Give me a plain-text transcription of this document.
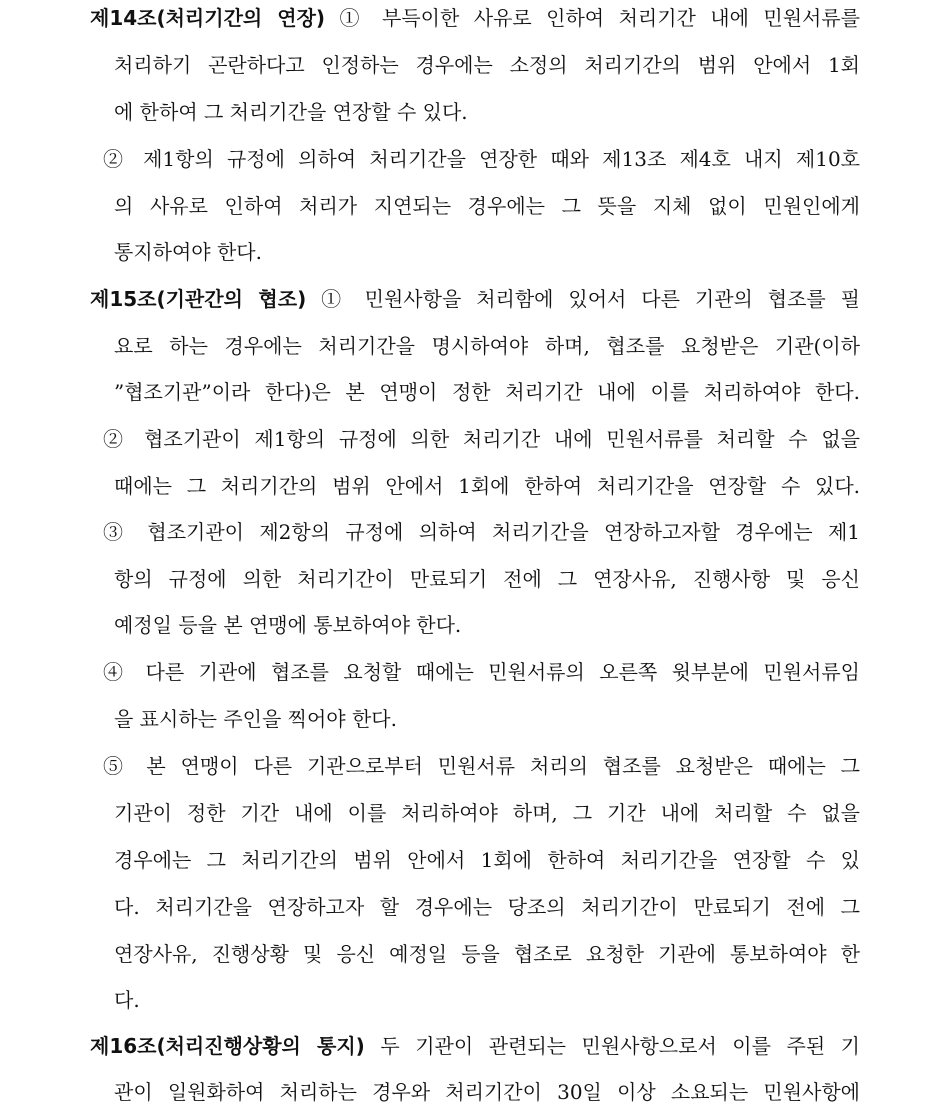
제14조(처리기간의 연장) ① 부득이한 사유로 인하여 처리기간 내에 민원서류를
처리하기 곤란하다고 인정하는 경우에는 소정의 처리기간의 범위 안에서 1회
에 한하여 그 처리기간을 연장할 수 있다.
② 제1항의 규정에 의하여 처리기간을 연장한 때와 제13조 제4호 내지 제10호
의 사유로 인하여 처리가 지연되는 경우에는 그 뜻을 지체 없이 민원인에게
통지하여야 한다.
제15조(기관간의 협조) ① 민원사항을 처리함에 있어서 다른 기관의 협조를 필
요로 하는 경우에는 처리기간을 명시하여야 하며, 협조를 요청받은 기관(이하
”협조기관”이라 한다)은 본 연맹이 정한 처리기간 내에 이를 처리하여야 한다.
② 협조기관이 제1항의 규정에 의한 처리기간 내에 민원서류를 처리할 수 없을
때에는 그 처리기간의 범위 안에서 1회에 한하여 처리기간을 연장할 수 있다.
③ 협조기관이 제2항의 규정에 의하여 처리기간을 연장하고자할 경우에는 제1
항의 규정에 의한 처리기간이 만료되기 전에 그 연장사유, 진행사항 및 응신
예정일 등을 본 연맹에 통보하여야 한다.
④ 다른 기관에 협조를 요청할 때에는 민원서류의 오른쪽 윗부분에 민원서류임
을 표시하는 주인을 찍어야 한다.
⑤ 본 연맹이 다른 기관으로부터 민원서류 처리의 협조를 요청받은 때에는 그
기관이 정한 기간 내에 이를 처리하여야 하며, 그 기간 내에 처리할 수 없을
경우에는 그 처리기간의 범위 안에서 1회에 한하여 처리기간을 연장할 수 있
다. 처리기간을 연장하고자 할 경우에는 당조의 처리기간이 만료되기 전에 그
연장사유, 진행상황 및 응신 예정일 등을 협조로 요청한 기관에 통보하여야 한
다.
제16조(처리진행상황의 통지) 두 기관이 관련되는 민원사항으로서 이를 주된 기
관이 일원화하여 처리하는 경우와 처리기간이 30일 이상 소요되는 민원사항에
